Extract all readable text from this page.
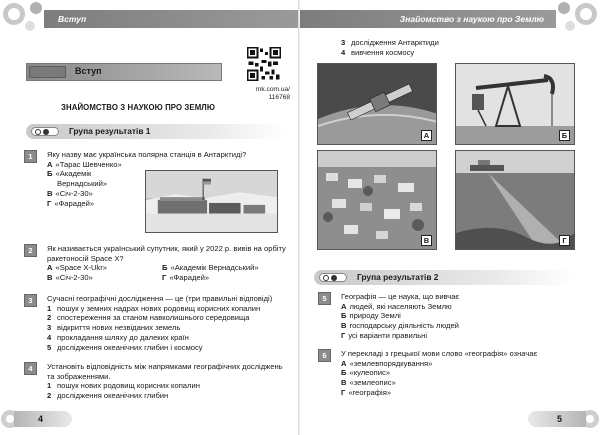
Вступ
Вступ
rnk.com.ua/
116768
ЗНАЙОМСТВО З НАУКОЮ ПРО ЗЕМЛЮ
Група результатів 1
1	Яку назву має українська полярна станція в Антарктиді?
А «Тарас Шевченко»
Б «Академік
Вернадський»
В «Січ-2-30»
Г «Фарадей»
2	Як називається український супутник, який у 2022 р. вивів на орбіту ракетоносій Space X?
А «Space X-Ukr»
В «Січ-2-30»
Б «Академік Вернадський»
Г «Фарадей»
3	Сучасні географічні дослідження — це (три правильні відповіді)
1 пошук у земних надрах нових родовищ корисних копалин
2 спостереження за станом навколишнього середовища
3 відкриття нових незвіданих земель
4 прокладання шляху до далеких країн
5 дослідження океанічних глибин і космосу
4	Установіть відповідність між напрямками географічних досліджень та зображеннями.
1 пошук нових родовищ корисних копалин
2 дослідження океанічних глибин
4
Знайомство з наукою про Землю
3 дослідження Антарктиди
4 вивчення космосу
А	Б
В	Г
Група результатів 2
5	Географія — це наука, що вивчає
А людей, які населяють Землю
Б природу Землі
В господарську діяльність людей
Г усі варіанти правильні
6	У перекладі з грецької мови слово «географія» означає
А «землевпорядкування»
Б «кулеопис»
В «землеопис»
Г «географія»
5
